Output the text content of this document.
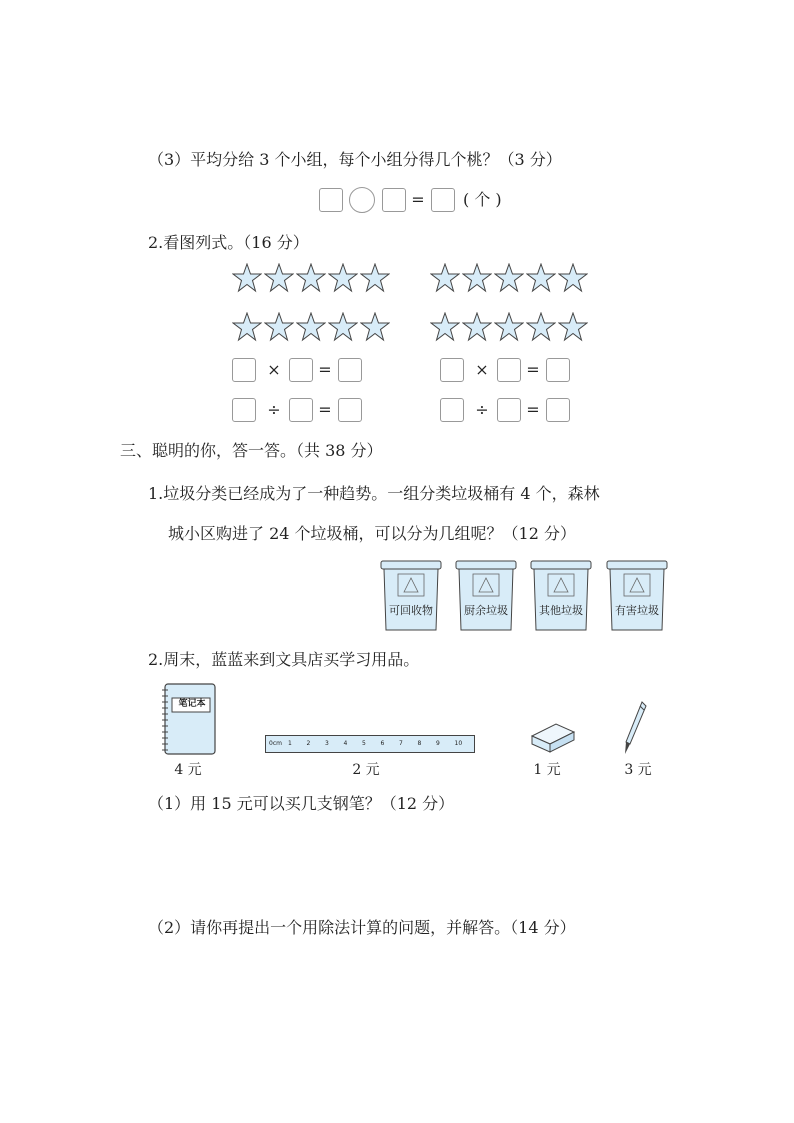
（3）平均分给 3 个小组，每个小组分得几个桃？（3 分）
= ( 个 )
2.看图列式。（16 分）
× =	× =
÷ =	÷ =
三、聪明的你，答一答。（共 38 分）
1.垃圾分类已经成为了一种趋势。一组分类垃圾桶有 4 个，森林
城小区购进了 24 个垃圾桶，可以分为几组呢？（12 分）
可回收物	厨余垃圾	其他垃圾	有害垃圾
2.周末，蓝蓝来到文具店买学习用品。
笔记本
0cm 1 2 3 4 5 6 7 8 9 10
4 元	2 元	1 元	3 元
（1）用 15 元可以买几支钢笔？（12 分）
（2）请你再提出一个用除法计算的问题，并解答。（14 分）
